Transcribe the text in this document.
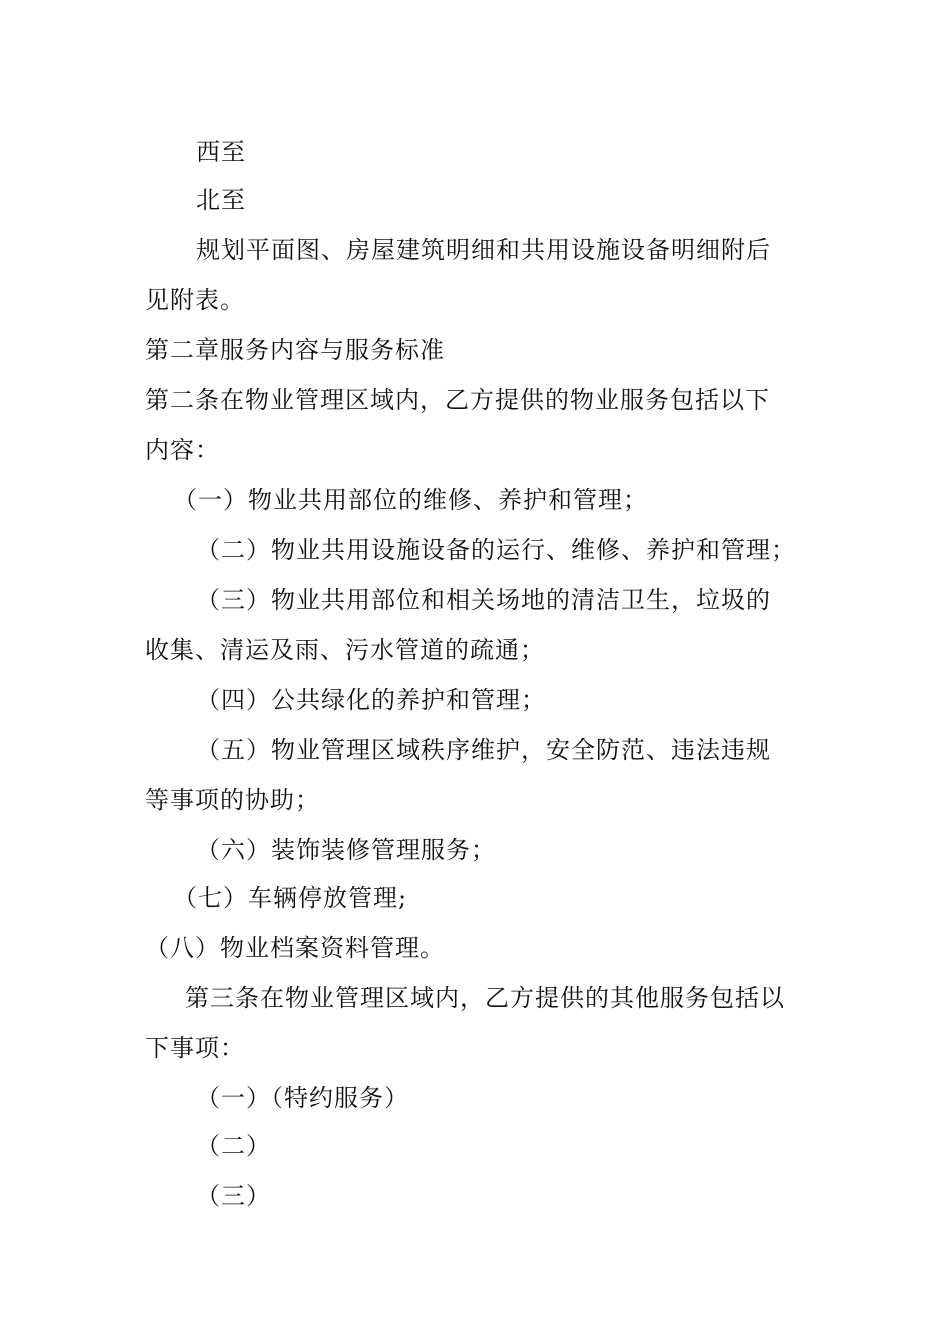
西至
北至
规划平面图、房屋建筑明细和共用设施设备明细附后
见附表。
第二章服务内容与服务标准
第二条在物业管理区域内，乙方提供的物业服务包括以下
内容：
（一）物业共用部位的维修、养护和管理；
（二）物业共用设施设备的运行、维修、养护和管理；
（三）物业共用部位和相关场地的清洁卫生，垃圾的
收集、清运及雨、污水管道的疏通；
（四）公共绿化的养护和管理；
（五）物业管理区域秩序维护，安全防范、违法违规
等事项的协助；
（六）装饰装修管理服务；
（七）车辆停放管理;
（八）物业档案资料管理。
第三条在物业管理区域内，乙方提供的其他服务包括以
下事项：
（一）（特约服务）
（二）
（三）
